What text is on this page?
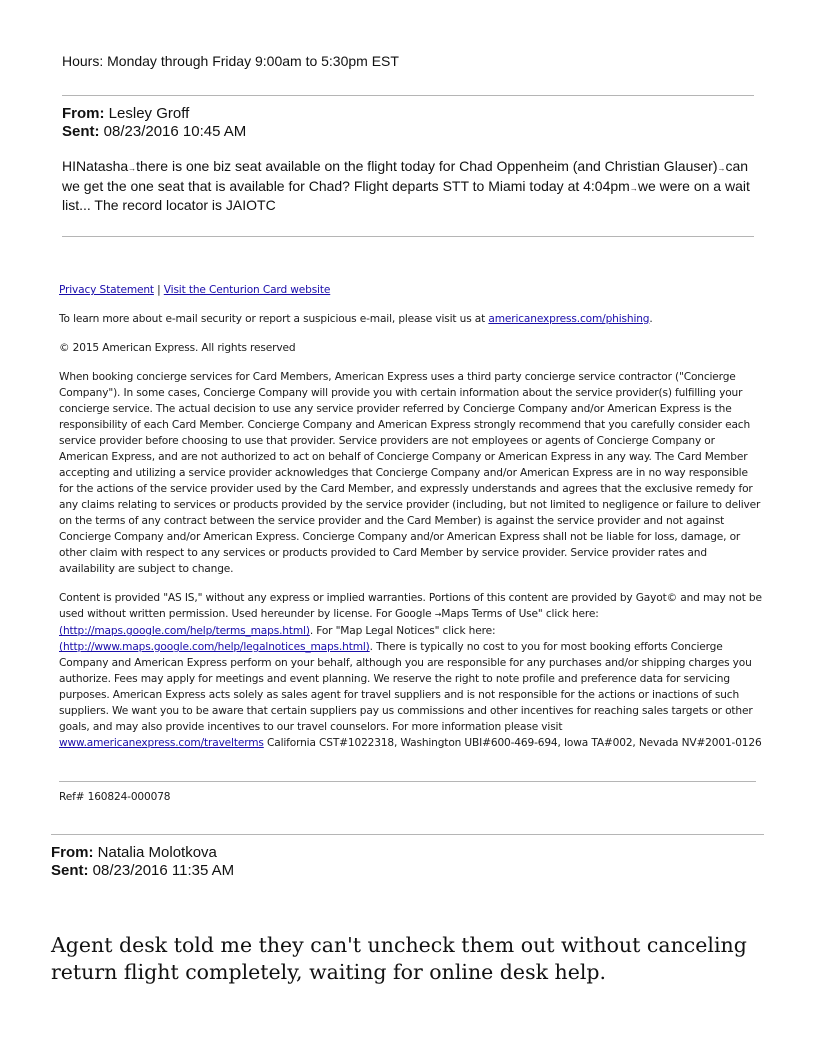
Hours: Monday through Friday 9:00am to 5:30pm EST
From: Lesley Groff
Sent: 08/23/2016 10:45 AM
HINatasha→there is one biz seat available on the flight today for Chad Oppenheim (and Christian Glauser)→can we get the one seat that is available for Chad? Flight departs STT to Miami today at 4:04pm→we were on a wait list... The record locator is JAIOTC
Privacy Statement | Visit the Centurion Card website
To learn more about e-mail security or report a suspicious e-mail, please visit us at americanexpress.com/phishing.
© 2015 American Express. All rights reserved
When booking concierge services for Card Members, American Express uses a third party concierge service contractor ("Concierge Company"). In some cases, Concierge Company will provide you with certain information about the service provider(s) fulfilling your concierge service. The actual decision to use any service provider referred by Concierge Company and/or American Express is the responsibility of each Card Member. Concierge Company and American Express strongly recommend that you carefully consider each service provider before choosing to use that provider. Service providers are not employees or agents of Concierge Company or American Express, and are not authorized to act on behalf of Concierge Company or American Express in any way. The Card Member accepting and utilizing a service provider acknowledges that Concierge Company and/or American Express are in no way responsible for the actions of the service provider used by the Card Member, and expressly understands and agrees that the exclusive remedy for any claims relating to services or products provided by the service provider (including, but not limited to negligence or failure to deliver on the terms of any contract between the service provider and the Card Member) is against the service provider and not against Concierge Company and/or American Express. Concierge Company and/or American Express shall not be liable for loss, damage, or other claim with respect to any services or products provided to Card Member by service provider. Service provider rates and availability are subject to change.
Content is provided "AS IS," without any express or implied warranties. Portions of this content are provided by Gayot© and may not be used without written permission. Used hereunder by license. For Google →Maps Terms of Use" click here: (http://maps.google.com/help/terms_maps.html). For "Map Legal Notices" click here: (http://www.maps.google.com/help/legalnotices_maps.html). There is typically no cost to you for most booking efforts Concierge Company and American Express perform on your behalf, although you are responsible for any purchases and/or shipping charges you authorize. Fees may apply for meetings and event planning. We reserve the right to note profile and preference data for servicing purposes. American Express acts solely as sales agent for travel suppliers and is not responsible for the actions or inactions of such suppliers. We want you to be aware that certain suppliers pay us commissions and other incentives for reaching sales targets or other goals, and may also provide incentives to our travel counselors. For more information please visit www.americanexpress.com/travelterms California CST#1022318, Washington UBI#600-469-694, Iowa TA#002, Nevada NV#2001-0126
Ref# 160824-000078
From: Natalia Molotkova
Sent: 08/23/2016 11:35 AM
Agent desk told me they can't uncheck them out without canceling return flight completely, waiting for online desk help.
